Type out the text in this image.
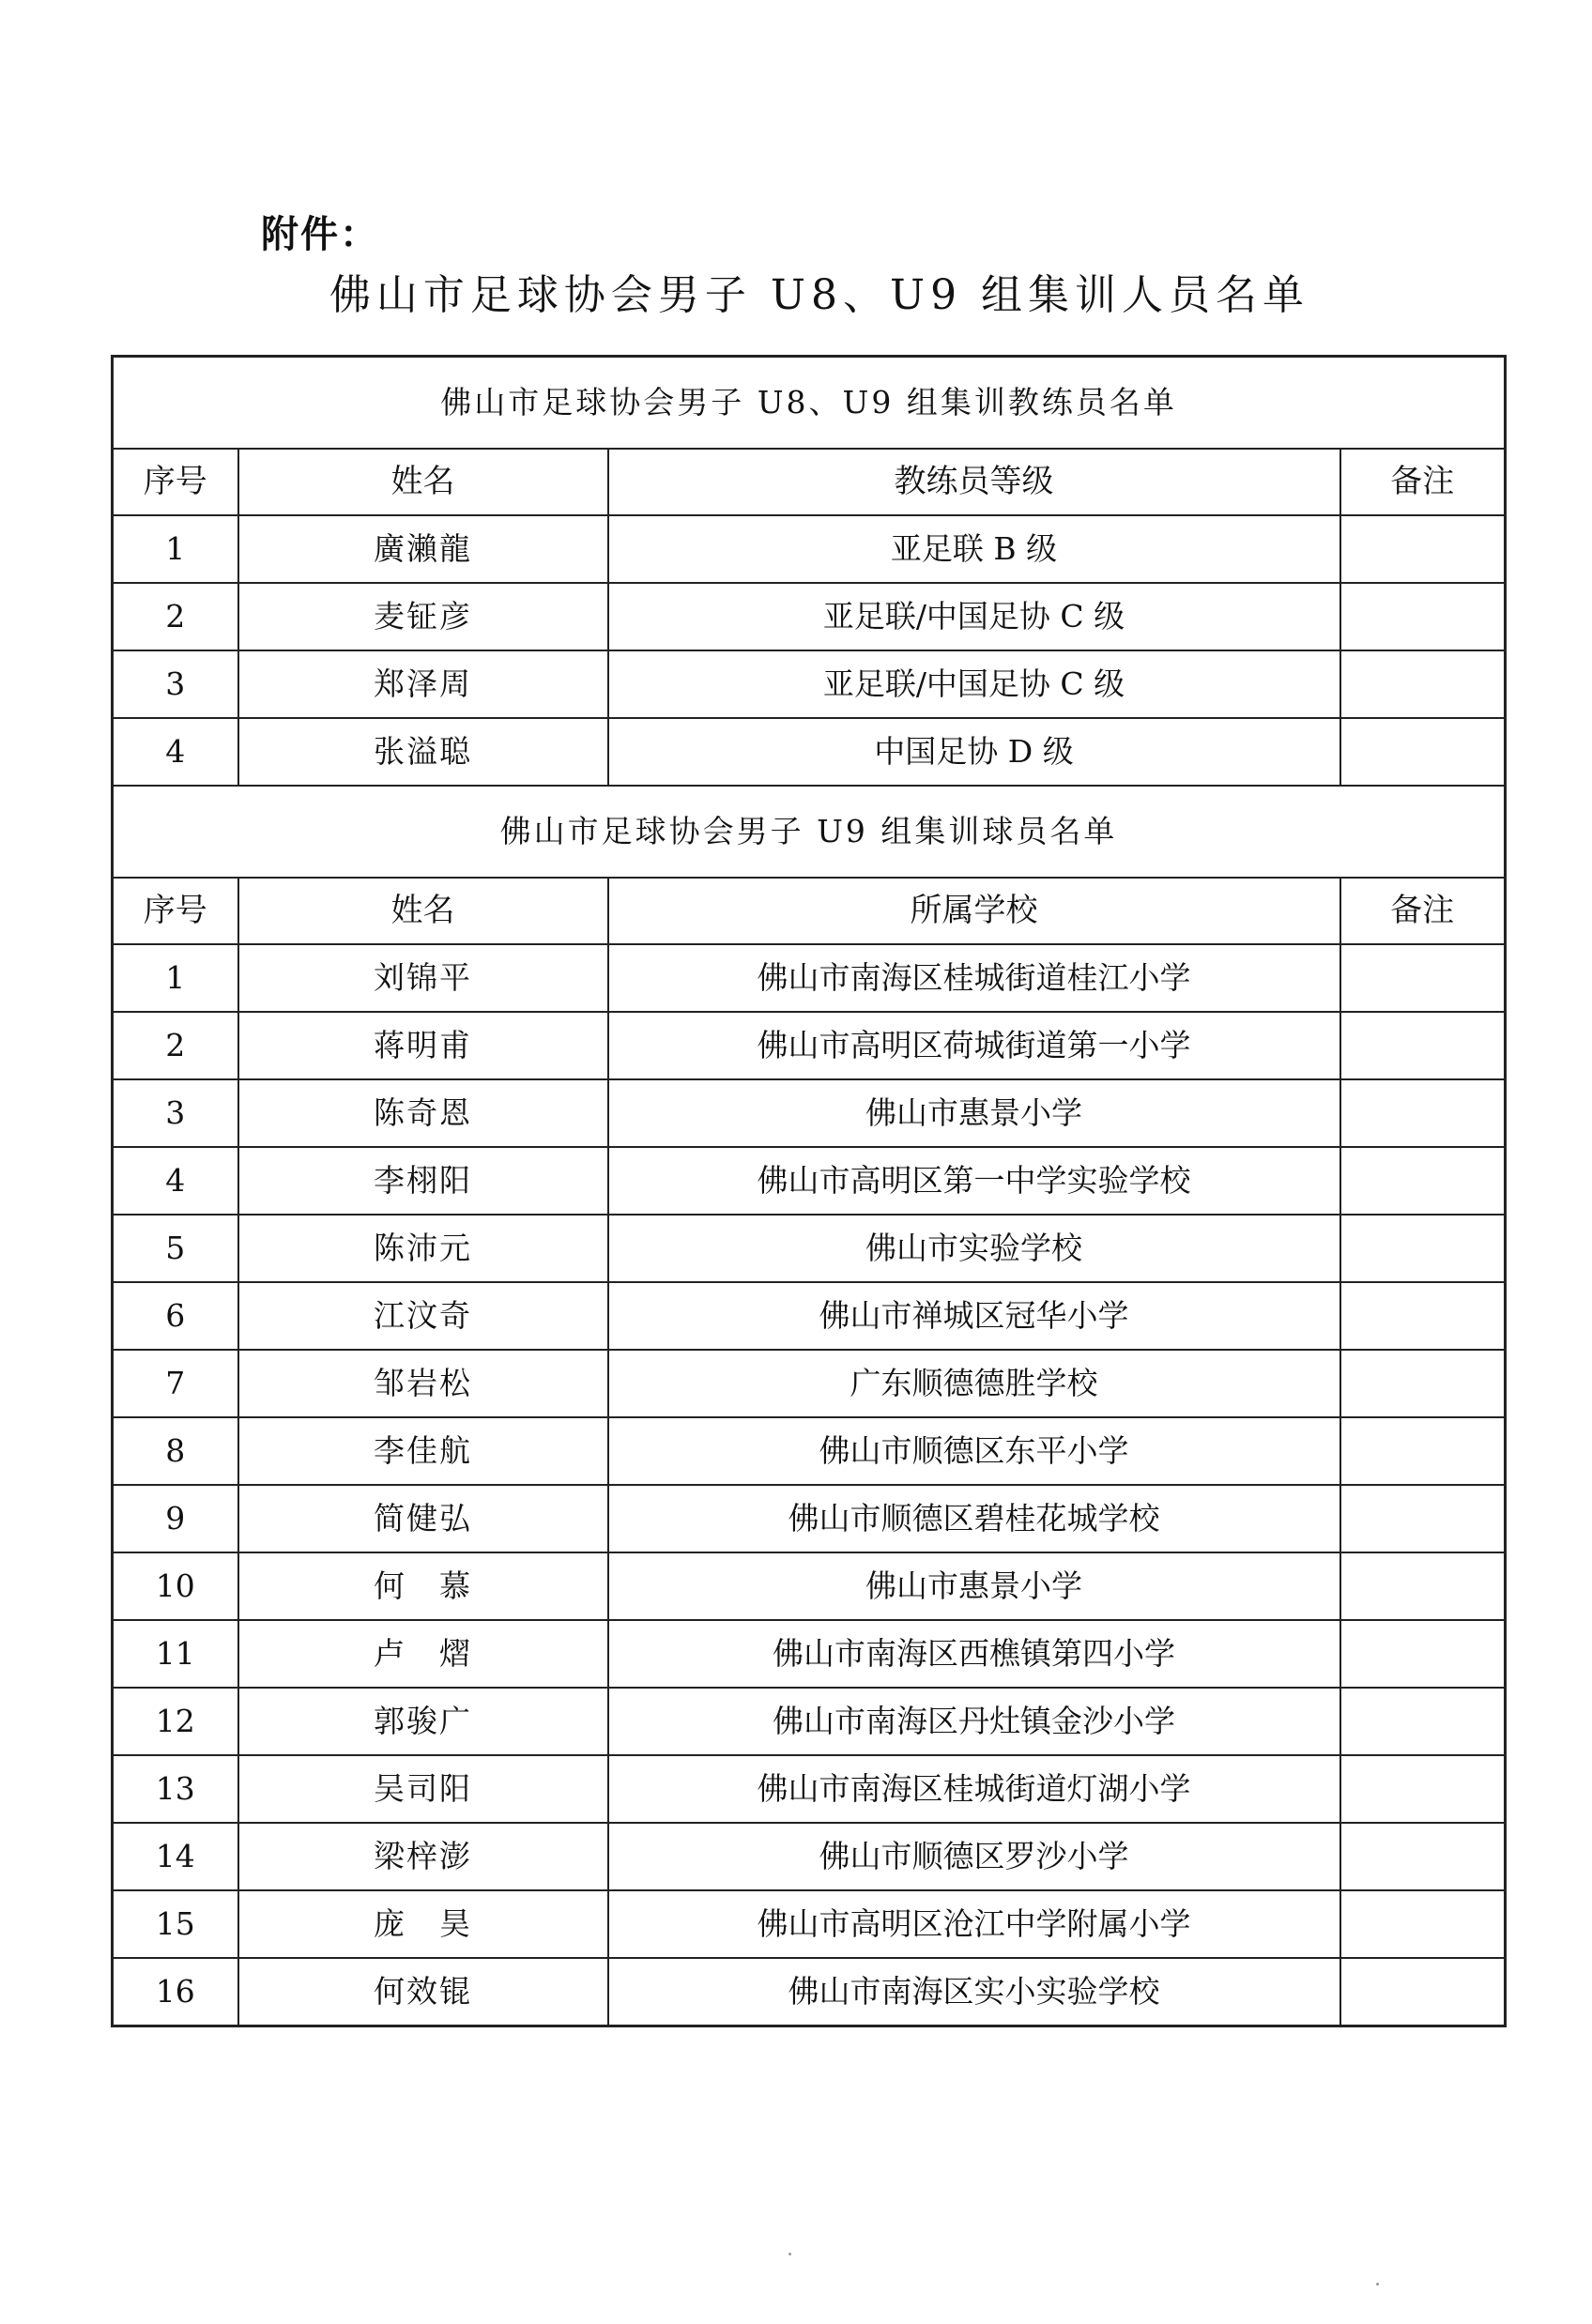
附件：
佛山市足球协会男子 U8、U9 组集训人员名单
佛山市足球协会男子 U8、U9 组集训教练员名单			
序号	姓名	教练员等级	备注
1	廣瀨龍	亚足联 B 级	
2	麦钲彦	亚足联/中国足协 C 级	
3	郑泽周	亚足联/中国足协 C 级	
4	张溢聪	中国足协 D 级	
佛山市足球协会男子 U9 组集训球员名单			
序号	姓名	所属学校	备注
1	刘锦平	佛山市南海区桂城街道桂江小学	
2	蒋明甫	佛山市高明区荷城街道第一小学	
3	陈奇恩	佛山市惠景小学	
4	李栩阳	佛山市高明区第一中学实验学校	
5	陈沛元	佛山市实验学校	
6	江汶奇	佛山市禅城区冠华小学	
7	邹岩松	广东顺德德胜学校	
8	李佳航	佛山市顺德区东平小学	
9	简健弘	佛山市顺德区碧桂花城学校	
10	何　慕	佛山市惠景小学	
11	卢　熠	佛山市南海区西樵镇第四小学	
12	郭骏广	佛山市南海区丹灶镇金沙小学	
13	吴司阳	佛山市南海区桂城街道灯湖小学	
14	梁梓澎	佛山市顺德区罗沙小学	
15	庞　昊	佛山市高明区沧江中学附属小学	
16	何效锟	佛山市南海区实小实验学校	
